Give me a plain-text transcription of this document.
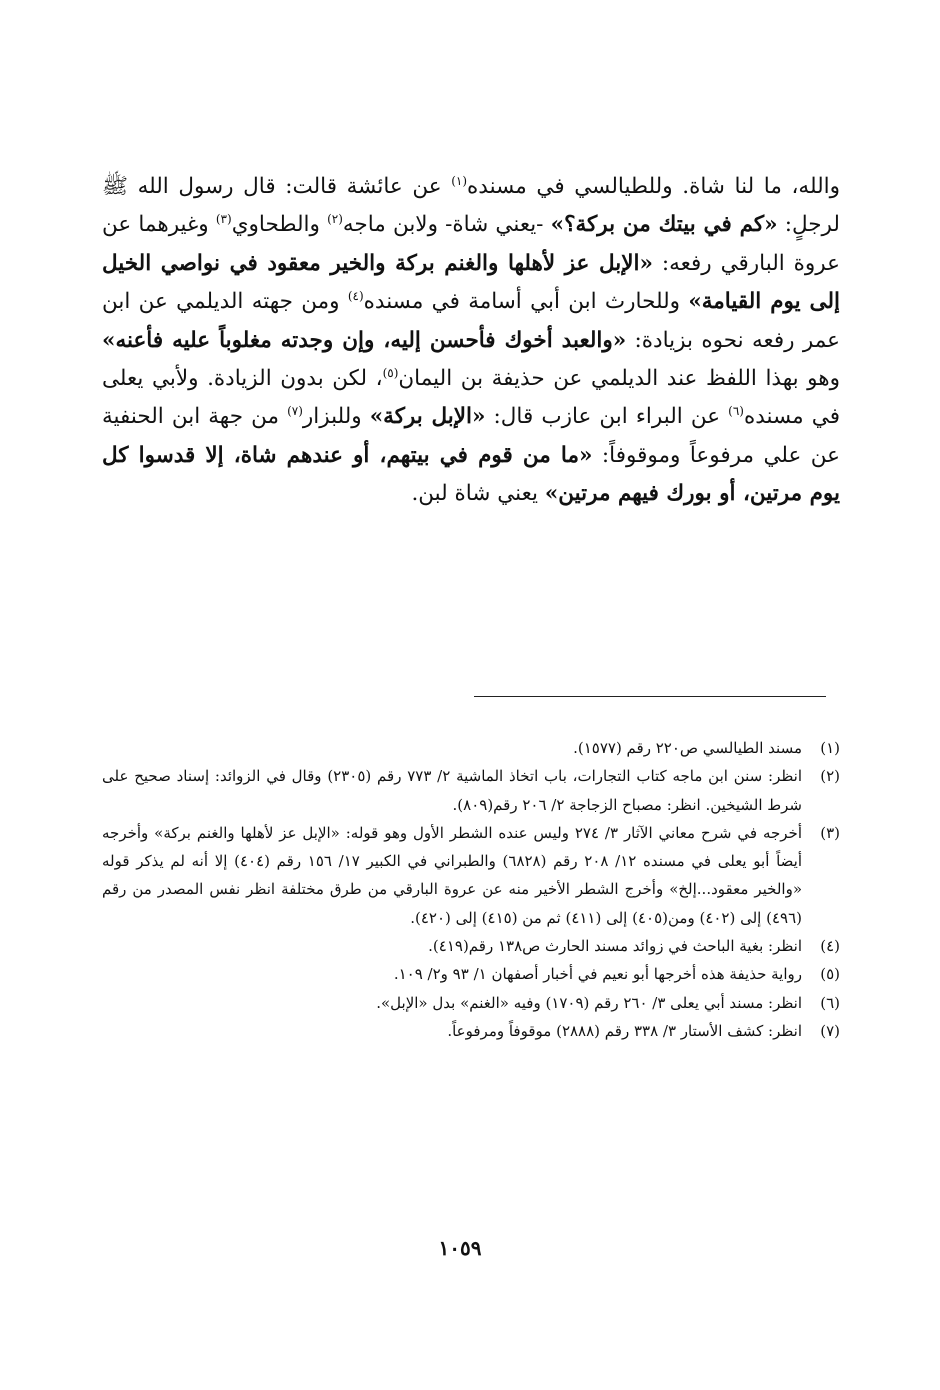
والله، ما لنا شاة. وللطيالسي في مسنده$^{(١)}$ عن عائشة قالت: قال رسول الله ﷺ لرجلٍ: «كم في بيتك من بركة؟» -يعني شاة- ولابن ماجه$^{(٢)}$ والطحاوي$^{(٣)}$ وغيرهما عن عروة البارقي رفعه: «الإبل عز لأهلها والغنم بركة والخير معقود في نواصي الخيل إلى يوم القيامة» وللحارث ابن أبي أسامة في مسنده$^{(٤)}$ ومن جهته الديلمي عن ابن عمر رفعه نحوه بزيادة: «والعبد أخوك فأحسن إليه، وإن وجدته مغلوباً عليه فأعنه» وهو بهذا اللفظ عند الديلمي عن حذيفة بن اليمان$^{(٥)}$، لكن بدون الزيادة. ولأبي يعلى في مسنده$^{(٦)}$ عن البراء ابن عازب قال: «الإبل بركة» وللبزار$^{(٧)}$ من جهة ابن الحنفية عن علي مرفوعاً وموقوفاً: «ما من قوم في بيتهم، أو عندهم شاة، إلا قدسوا كل يوم مرتين، أو بورك فيهم مرتين» يعني شاة لبن.

(١)
مسند الطيالسي ص٢٢٠ رقم (١٥٧٧).
(٢)
انظر: سنن ابن ماجه كتاب التجارات، باب اتخاذ الماشية ٢/ ٧٧٣ رقم (٢٣٠٥) وقال في الزوائد: إسناد صحيح على شرط الشيخين. انظر: مصباح الزجاجة ٢/ ٢٠٦ رقم(٨٠٩).
(٣)
أخرجه في شرح معاني الآثار ٣/ ٢٧٤ وليس عنده الشطر الأول وهو قوله: «الإبل عز لأهلها والغنم بركة» وأخرجه أيضاً أبو يعلى في مسنده ١٢/ ٢٠٨ رقم (٦٨٢٨) والطبراني في الكبير ١٧/ ١٥٦ رقم (٤٠٤) إلا أنه لم يذكر قوله «والخير معقود...إلخ» وأخرج الشطر الأخير منه عن عروة البارقي من طرق مختلفة انظر نفس المصدر من رقم (٤٩٦) إلى (٤٠٢) ومن(٤٠٥) إلى (٤١١) ثم من (٤١٥) إلى (٤٢٠).
(٤)
انظر: بغية الباحث في زوائد مسند الحارث ص١٣٨ رقم(٤١٩).
(٥)
رواية حذيفة هذه أخرجها أبو نعيم في أخبار أصفهان ١/ ٩٣ و٢/ ١٠٩.
(٦)
انظر: مسند أبي يعلى ٣/ ٢٦٠ رقم (١٧٠٩) وفيه «الغنم» بدل «الإبل».
(٧)
انظر: كشف الأستار ٣/ ٣٣٨ رقم (٢٨٨٨) موقوفاً ومرفوعاً.
١٠٥٩
